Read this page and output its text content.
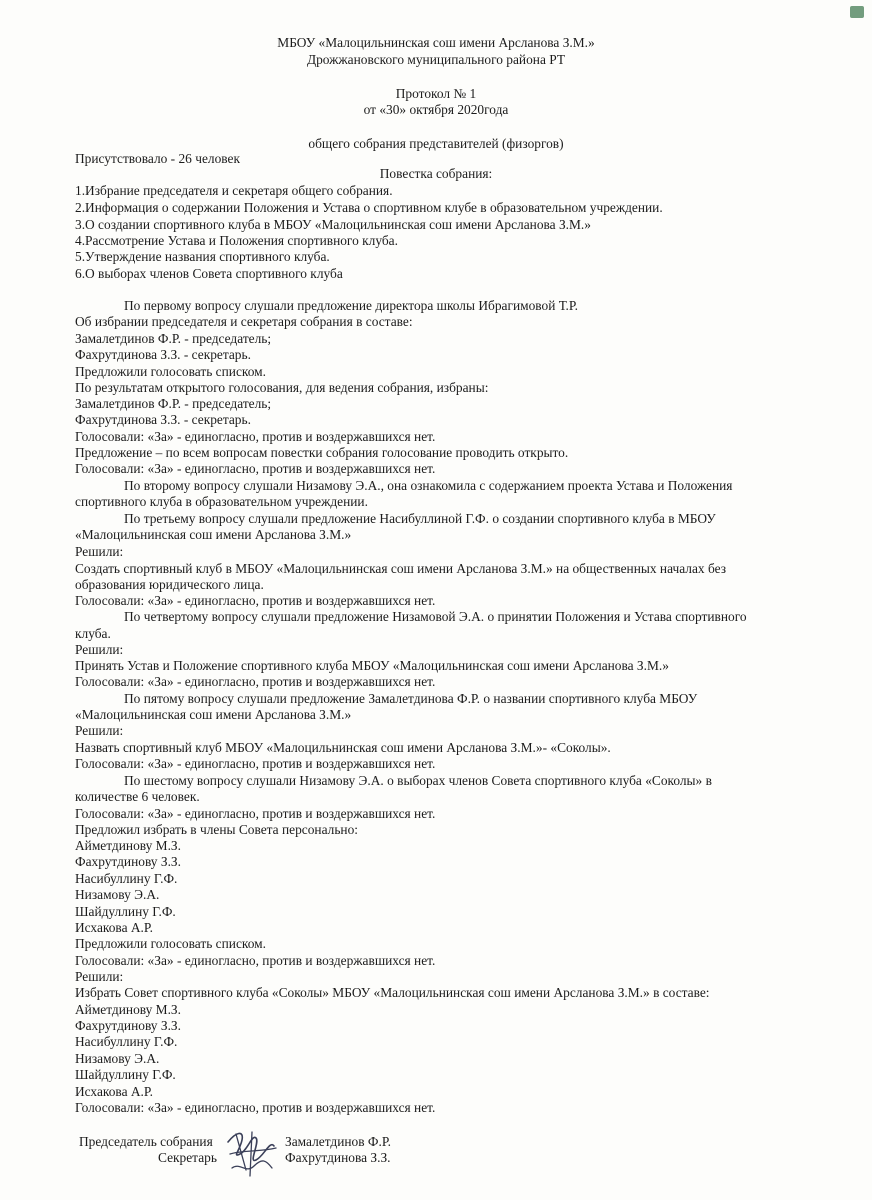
МБОУ «Малоцильнинская сош имени Арсланова З.М.»
Дрожжановского муниципального района РТ
Протокол № 1
от «30» октября 2020года
общего собрания представителей (физоргов)
Присутствовало - 26 человек
Повестка собрания:
1.Избрание председателя и секретаря общего собрания.
2.Информация о содержании Положения и Устава о спортивном клубе в образовательном учреждении.
3.О создании спортивного клуба в МБОУ «Малоцильнинская сош имени Арсланова З.М.»
4.Рассмотрение Устава и Положения спортивного клуба.
5.Утверждение названия спортивного клуба.
6.О выборах членов Совета спортивного клуба
По первому вопросу слушали предложение директора школы Ибрагимовой Т.Р.
Об избрании председателя и секретаря собрания в составе:
Замалетдинов Ф.Р. - председатель;
Фахрутдинова З.З. - секретарь.
Предложили голосовать списком.
По результатам открытого голосования, для ведения собрания, избраны:
Замалетдинов Ф.Р. - председатель;
Фахрутдинова З.З. - секретарь.
Голосовали: «За» - единогласно, против и воздержавшихся нет.
Предложение – по всем вопросам повестки собрания голосование проводить открыто.
Голосовали: «За» - единогласно, против и воздержавшихся нет.
По второму вопросу слушали Низамову Э.А., она ознакомила с содержанием проекта Устава и Положения
спортивного клуба в образовательном учреждении.
По третьему вопросу слушали предложение Насибуллиной Г.Ф. о создании спортивного клуба в МБОУ
«Малоцильнинская сош имени Арсланова З.М.»
Решили:
Создать спортивный клуб в МБОУ «Малоцильнинская сош имени Арсланова З.М.» на общественных началах без
образования юридического лица.
Голосовали: «За» - единогласно, против и воздержавшихся нет.
По четвертому вопросу слушали предложение Низамовой Э.А. о принятии Положения и Устава спортивного
клуба.
Решили:
Принять Устав и Положение спортивного клуба МБОУ «Малоцильнинская сош имени Арсланова З.М.»
Голосовали: «За» - единогласно, против и воздержавшихся нет.
По пятому вопросу слушали предложение Замалетдинова Ф.Р. о названии спортивного клуба МБОУ
«Малоцильнинская сош имени Арсланова З.М.»
Решили:
Назвать спортивный клуб МБОУ «Малоцильнинская сош имени Арсланова З.М.»- «Соколы».
Голосовали: «За» - единогласно, против и воздержавшихся нет.
По шестому вопросу слушали Низамову Э.А. о выборах членов Совета спортивного клуба «Соколы» в
количестве 6 человек.
Голосовали: «За» - единогласно, против и воздержавшихся нет.
Предложил избрать в члены Совета персонально:
Айметдинову М.З.
Фахрутдинову З.З.
Насибуллину Г.Ф.
Низамову Э.А.
Шайдуллину Г.Ф.
Исхакова А.Р.
Предложили голосовать списком.
Голосовали: «За» - единогласно, против и воздержавшихся нет.
Решили:
Избрать Совет спортивного клуба «Соколы» МБОУ «Малоцильнинская сош имени Арсланова З.М.» в составе:
Айметдинову М.З.
Фахрутдинову З.З.
Насибуллину Г.Ф.
Низамову Э.А.
Шайдуллину Г.Ф.
Исхакова А.Р.
Голосовали: «За» - единогласно, против и воздержавшихся нет.
Председатель собрания	Замалетдинов Ф.Р.
Секретарь	Фахрутдинова З.З.
